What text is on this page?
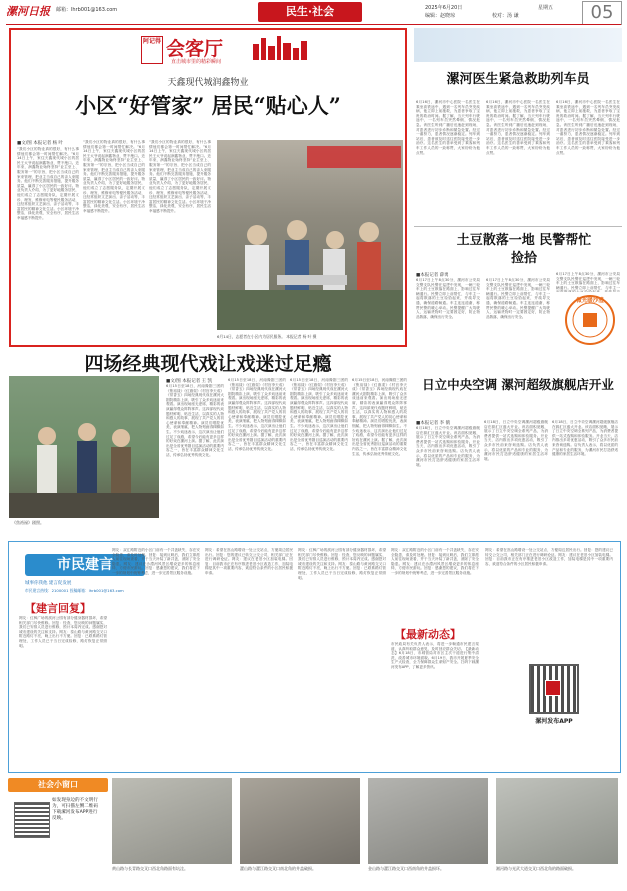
漯河日报 邮箱：lhrb001@163.com	民生·社会	2025年6月20日	星期五
编辑：赵晓琼	校对：汤 谦	05
阿记得 会客厅
直击城市里的精彩瞬间
天鑫现代城润鑫物业
小区“好管家” 居民“贴心人”
■文/图 本报记者 杨 叶
“我们小区的物业真的很好，有什么事情他们都会第一时间帮忙解决。”6月14日上午，家住天鑫现代城小区的居民王大爷说起润鑫物业，赞不绝口。近年来，润鑫物业始终坚持“业主至上、服务第一”的宗旨，把小区当成自己的家来管理，把业主当成自己的亲人来服务。他们不断完善服务措施，提升服务质量，赢得了小区居民的一致好评。物业负责人介绍，为了更好地服务居民，他们成立了志愿服务队，定期开展义诊、理发、维修家电等便民服务活动，还经常组织文艺演出、亲子活动等，丰富居民的精神文化生活。小区环境干净整洁，绿化美观，安全有序，居民生活幸福感不断提升。
“我们小区的物业真的很好，有什么事情他们都会第一时间帮忙解决。”6月14日上午，家住天鑫现代城小区的居民王大爷说起润鑫物业，赞不绝口。近年来，润鑫物业始终坚持“业主至上、服务第一”的宗旨，把小区当成自己的家来管理，把业主当成自己的亲人来服务。他们不断完善服务措施，提升服务质量，赢得了小区居民的一致好评。物业负责人介绍，为了更好地服务居民，他们成立了志愿服务队，定期开展义诊、理发、维修家电等便民服务活动，还经常组织文艺演出、亲子活动等，丰富居民的精神文化生活。小区环境干净整洁，绿化美观，安全有序，居民生活幸福感不断提升。
“我们小区的物业真的很好，有什么事情他们都会第一时间帮忙解决。”6月14日上午，家住天鑫现代城小区的居民王大爷说起润鑫物业，赞不绝口。近年来，润鑫物业始终坚持“业主至上、服务第一”的宗旨，把小区当成自己的家来管理，把业主当成自己的亲人来服务。他们不断完善服务措施，提升服务质量，赢得了小区居民的一致好评。物业负责人介绍，为了更好地服务居民，他们成立了志愿服务队，定期开展义诊、理发、维修家电等便民服务活动，还经常组织文艺演出、亲子活动等，丰富居民的精神文化生活。小区环境干净整洁，绿化美观，安全有序，居民生活幸福感不断提升。
6月14日，志愿者在小区内为居民服务。 本报记者 杨 叶 摄
漯河医生紧急救助列车员
6月16日，漯河市中心医院一名医生在乘坐高铁途中，遇到一名列车员突发疾病，他立即上前施救，为患者争取了宝贵的救治时间。据了解，当天列车行驶途中，一名列车员突然晕倒，情况危急。该医生听到广播后迅速赶到现场，对患者进行初步诊断和紧急处置。经过一番努力，患者情况逐渐稳定。列车到站后，患者被及时送往医院接受进一步治疗。这名医生的善举受到了乘客和列车工作人员的一致称赞，大家纷纷为他点赞。
6月16日，漯河市中心医院一名医生在乘坐高铁途中，遇到一名列车员突发疾病，他立即上前施救，为患者争取了宝贵的救治时间。据了解，当天列车行驶途中，一名列车员突然晕倒，情况危急。该医生听到广播后迅速赶到现场，对患者进行初步诊断和紧急处置。经过一番努力，患者情况逐渐稳定。列车到站后，患者被及时送往医院接受进一步治疗。这名医生的善举受到了乘客和列车工作人员的一致称赞，大家纷纷为他点赞。
6月16日，漯河市中心医院一名医生在乘坐高铁途中，遇到一名列车员突发疾病，他立即上前施救，为患者争取了宝贵的救治时间。据了解，当天列车行驶途中，一名列车员突然晕倒，情况危急。该医生听到广播后迅速赶到现场，对患者进行初步诊断和紧急处置。经过一番努力，患者情况逐渐稳定。列车到站后，患者被及时送往医院接受进一步治疗。这名医生的善举受到了乘客和列车工作人员的一致称赞，大家纷纷为他点赞。
土豆散落一地 民警帮忙捡拾
■本报记者 薛勇
6月17日上午8点30分，漯河市公安局交警支队民警在巡逻中发现，一辆三轮车上的土豆散落在路面上，影响过往车辆通行。民警立即上前帮忙，与车主一起将散落的土豆捡拾起来，并疏导交通，确保道路畅通。车主连连道谢，称赞民警的暖心举动。民警提醒广大驾驶人，运输货物时一定要固定好，防止物品散落，确保出行安全。
6月17日上午8点30分，漯河市公安局交警支队民警在巡逻中发现，一辆三轮车上的土豆散落在路面上，影响过往车辆通行。民警立即上前帮忙，与车主一起将散落的土豆捡拾起来，并疏导交通，确保道路畅通。车主连连道谢，称赞民警的暖心举动。民警提醒广大驾驶人，运输货物时一定要固定好，防止物品散落，确保出行安全。
6月17日上午8点30分，漯河市公安局交警支队民警在巡逻中发现，一辆三轮车上的土豆散落在路面上，影响过往车辆通行。民警立即上前帮忙，与车主一
微光暖沙澧
四场经典现代戏让戏迷过足瘾
《焦裕禄》剧照。
■文/图 本报记者 王 凯
6月15日至18日，河南豫剧三团的《焦裕禄》《红旗渠》《村官李天成》《常香玉》四场经典现代戏在漯河大剧院精彩上演，吸引了众多戏迷前来观看。演出现场座无虚席，精彩的表演赢得观众阵阵掌声。这四部现代戏题材鲜明，贴近生活，以真实的人物和感人的故事，展现了共产党人的初心使命和奉献精神。演员们唱腔优美，表演细腻，把人物刻画得栩栩如生。不少戏迷表示，这次演出让他们过足了戏瘾，希望今后能有更多这样的好戏在漯河上演。据了解，此次演出是全省优秀剧目巡演活动的重要内容之一，旨在丰富群众精神文化生活，传承弘扬优秀传统文化。
6月15日至18日，河南豫剧三团的《焦裕禄》《红旗渠》《村官李天成》《常香玉》四场经典现代戏在漯河大剧院精彩上演，吸引了众多戏迷前来观看。演出现场座无虚席，精彩的表演赢得观众阵阵掌声。这四部现代戏题材鲜明，贴近生活，以真实的人物和感人的故事，展现了共产党人的初心使命和奉献精神。演员们唱腔优美，表演细腻，把人物刻画得栩栩如生。不少戏迷表示，这次演出让他们过足了戏瘾，希望今后能有更多这样的好戏在漯河上演。据了解，此次演出是全省优秀剧目巡演活动的重要内容之一，旨在丰富群众精神文化生活，传承弘扬优秀传统文化。
6月15日至18日，河南豫剧三团的《焦裕禄》《红旗渠》《村官李天成》《常香玉》四场经典现代戏在漯河大剧院精彩上演，吸引了众多戏迷前来观看。演出现场座无虚席，精彩的表演赢得观众阵阵掌声。这四部现代戏题材鲜明，贴近生活，以真实的人物和感人的故事，展现了共产党人的初心使命和奉献精神。演员们唱腔优美，表演细腻，把人物刻画得栩栩如生。不少戏迷表示，这次演出让他们过足了戏瘾，希望今后能有更多这样的好戏在漯河上演。据了解，此次演出是全省优秀剧目巡演活动的重要内容之一，旨在丰富群众精神文化生活，传承弘扬优秀传统文化。
6月15日至18日，河南豫剧三团的《焦裕禄》《红旗渠》《村官李天成》《常香玉》四场经典现代戏在漯河大剧院精彩上演，吸引了众多戏迷前来观看。演出现场座无虚席，精彩的表演赢得观众阵阵掌声。这四部现代戏题材鲜明，贴近生活，以真实的人物和感人的故事，展现了共产党人的初心使命和奉献精神。演员们唱腔优美，表演细腻，把人物刻画得栩栩如生。不少戏迷表示，这次演出让他们过足了戏瘾，希望今后能有更多这样的好戏在漯河上演。据了解，此次演出是全省优秀剧目巡演活动的重要内容之一，旨在丰富群众精神文化生活，传承弘扬优秀传统文化。
日立中央空调 漯河超级旗舰店开业
■本报记者 李 鹤
6月18日，日立中央空调漯河超级旗舰店在源汇区盛大开业。该店面积宽敞，展示了日立中央空调全系列产品，为消费者提供一站式选购和体验服务。开业当天，店内推出多项优惠活动，吸引了众多市民前来咨询选购。店负责人表示，将以优质的产品和专业的服务，为漯河市民打造舒适健康的家居生活环境。
6月18日，日立中央空调漯河超级旗舰店在源汇区盛大开业。该店面积宽敞，展示了日立中央空调全系列产品，为消费者提供一站式选购和体验服务。开业当天，店内推出多项优惠活动，吸引了众多市民前来咨询选购。店负责人表示，将以优质的产品和专业的服务，为漯河市民打造舒适健康的家居生活环境。
6月18日，日立中央空调漯河超级旗舰店在源汇区盛大开业。该店面积宽敞，展示了日立中央空调全系列产品，为消费者提供一站式选购和体验服务。开业当天，店内推出多项优惠活动，吸引了众多市民前来咨询选购。店负责人表示，将以优质的产品和专业的服务，为漯河市民打造舒适健康的家居生活环境。
市民建言
城事你我他 建言促发展
市民建言热线：2100001 投稿邮箱：lhrb001@163.com
【建言回复】
网友：红枫广场的滨河公园有部分健身器材损坏，希望相关部门尽快维修。回复：经查，您反映的问题属实，我们已安排人员进行维修，预计本周内完成。感谢您对城市建设的关注和支持。网友：泰山路与黄河路交叉口附近路灯不亮，晚上出行不方便。回复：已联系路灯管理处，工作人员已于当日完成检修，路灯恢复正常照明。
网友：双汇路附近的小区门前有一个井盖缺失，存在安全隐患，请及时处理。回复：接到反映后，我们立即派人前往现场查看，并于当天补装了新井盖，消除了安全隐患。网友：建议在沙澧河风景区增设更多的休息座椅，方便市民游玩。回复：感谢您的建议，我们将在下一步的规划中统筹考虑，进一步完善景区服务设施。
网友：希望在嵩山路增设一处公交站点，方便周边居民出行。回复：您的建议已转交公交公司，相关部门正在进行调研论证。网友：建议在老旧小区加装电梯。回复：目前我市正在有序推进老旧小区改造工作，加装电梯是其中一项重要内容，欢迎符合条件的小区居民积极申请。
网友：红枫广场的滨河公园有部分健身器材损坏，希望相关部门尽快维修。回复：经查，您反映的问题属实，我们已安排人员进行维修，预计本周内完成。感谢您对城市建设的关注和支持。网友：泰山路与黄河路交叉口附近路灯不亮，晚上出行不方便。回复：已联系路灯管理处，工作人员已于当日完成检修，路灯恢复正常照明。
网友：双汇路附近的小区门前有一个井盖缺失，存在安全隐患，请及时处理。回复：接到反映后，我们立即派人前往现场查看，并于当天补装了新井盖，消除了安全隐患。网友：建议在沙澧河风景区增设更多的休息座椅，方便市民游玩。回复：感谢您的建议，我们将在下一步的规划中统筹考虑，进一步完善景区服务设施。
【最新动态】
市民政局有关负责人表示，将进一步畅通市民建言渠道，认真听取群众意见，及时回应群众关切。【最新动态】6月18日，市城管局对市区主次干道进行集中清洗，改善城市环境面貌。6月19日，我市开展夏季安全生产大检查，全力保障群众生命财产安全。扫码下载漯河发布APP，了解更多资讯。
网友：希望在嵩山路增设一处公交站点，方便周边居民出行。回复：您的建议已转交公交公司，相关部门正在进行调研论证。网友：建议在老旧小区加装电梯。回复：目前我市正在有序推进老旧小区改造工作，加装电梯是其中一项重要内容，欢迎符合条件的小区居民积极申请。
漯河发布APP
社会小窗口
如发现身边的不文明行为，可扫描左侧二维码下载漯河发布APP进行反映。
黄山路与长青路交叉口西北角路面有坑洼。	漯山路与漯江路交叉口南北角的井盖破损。	金山路与漯江路交叉口西南角的井盖损坏。	湘河路与光武大道交叉口西北角的路面破损。
